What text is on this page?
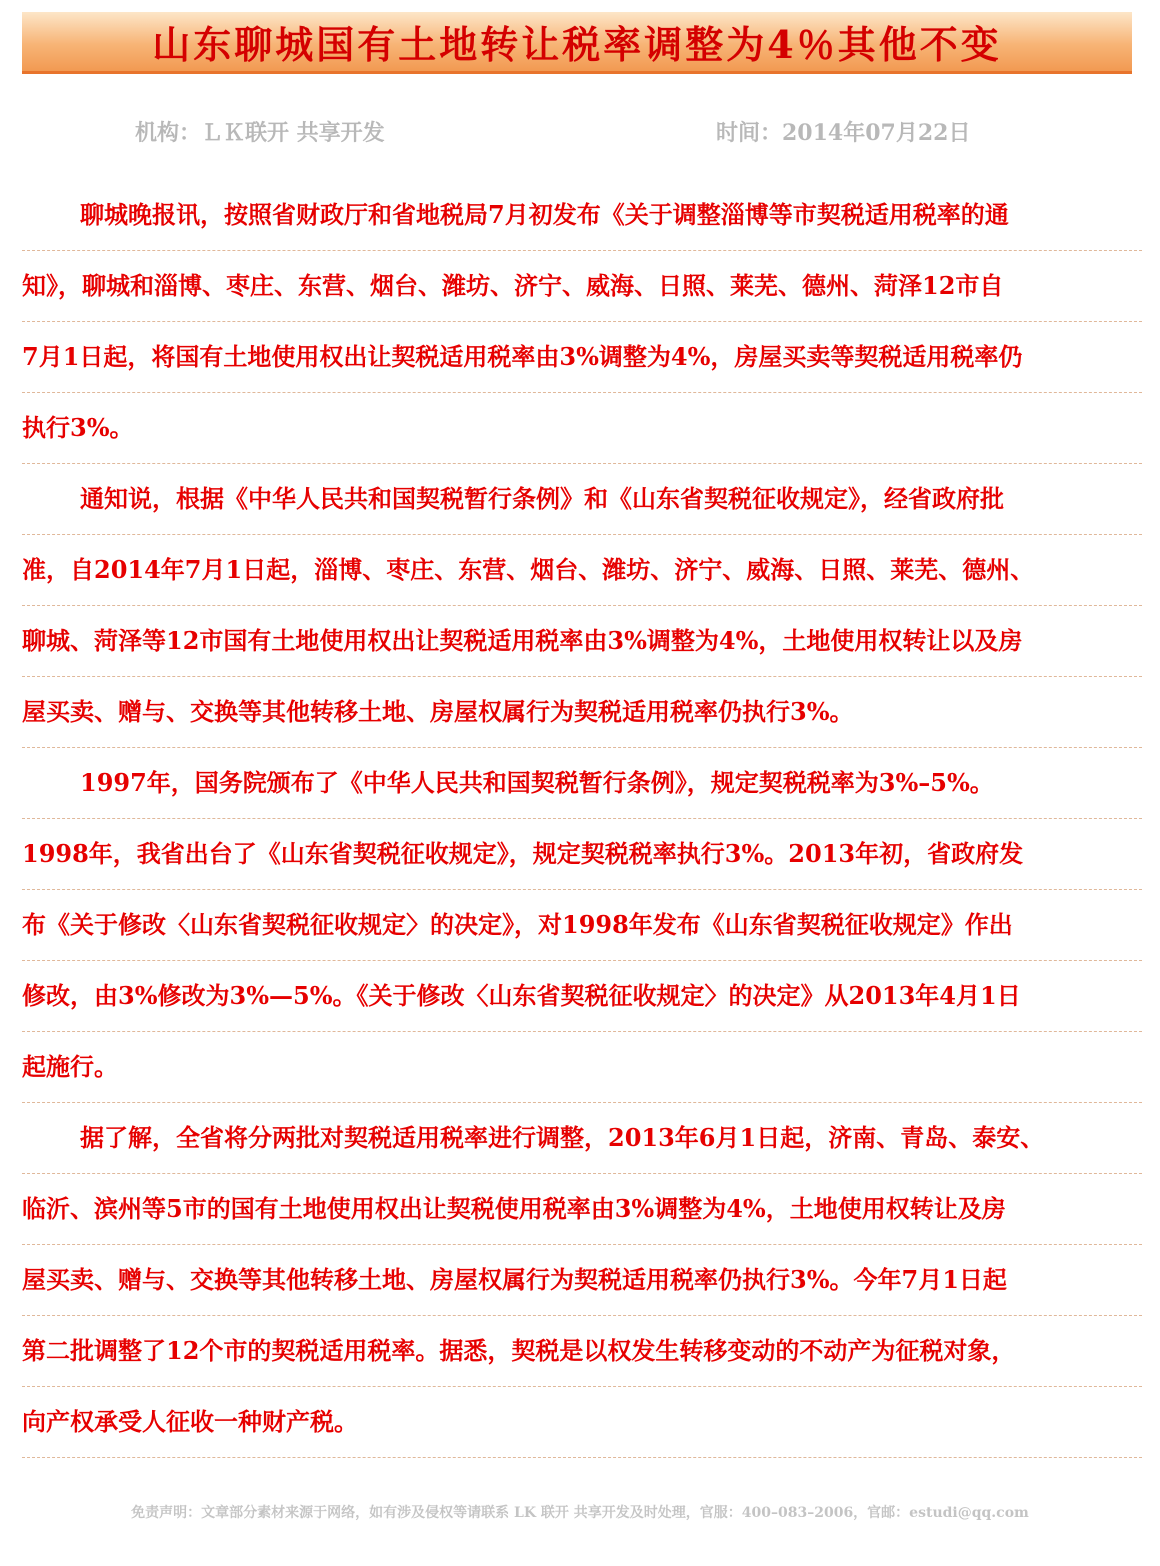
山东聊城国有土地转让税率调整为4％其他不变
机构：ＬＫ联开 共享开发	时间：2014年07月22日
聊城晚报讯，按照省财政厅和省地税局7月初发布《关于调整淄博等市契税适用税率的通
知》，聊城和淄博、枣庄、东营、烟台、潍坊、济宁、威海、日照、莱芜、德州、菏泽12市自
7月1日起，将国有土地使用权出让契税适用税率由3%调整为4%，房屋买卖等契税适用税率仍
执行3%。
通知说，根据《中华人民共和国契税暂行条例》和《山东省契税征收规定》，经省政府批
准，自2014年7月1日起，淄博、枣庄、东营、烟台、潍坊、济宁、威海、日照、莱芜、德州、
聊城、菏泽等12市国有土地使用权出让契税适用税率由3%调整为4%，土地使用权转让以及房
屋买卖、赠与、交换等其他转移土地、房屋权属行为契税适用税率仍执行3%。
1997年，国务院颁布了《中华人民共和国契税暂行条例》，规定契税税率为3%–5%。
1998年，我省出台了《山东省契税征收规定》，规定契税税率执行3%。2013年初，省政府发
布《关于修改〈山东省契税征收规定〉的决定》，对1998年发布《山东省契税征收规定》作出
修改，由3%修改为3%—5%。《关于修改〈山东省契税征收规定〉的决定》从2013年4月1日
起施行。
据了解，全省将分两批对契税适用税率进行调整，2013年6月1日起，济南、青岛、泰安、
临沂、滨州等5市的国有土地使用权出让契税使用税率由3%调整为4%，土地使用权转让及房
屋买卖、赠与、交换等其他转移土地、房屋权属行为契税适用税率仍执行3%。今年7月1日起
第二批调整了12个市的契税适用税率。据悉，契税是以权发生转移变动的不动产为征税对象，
向产权承受人征收一种财产税。
免责声明：文章部分素材来源于网络，如有涉及侵权等请联系 LK 联开 共享开发及时处理，官服：400–083–2006，官邮：estudi@qq.com
